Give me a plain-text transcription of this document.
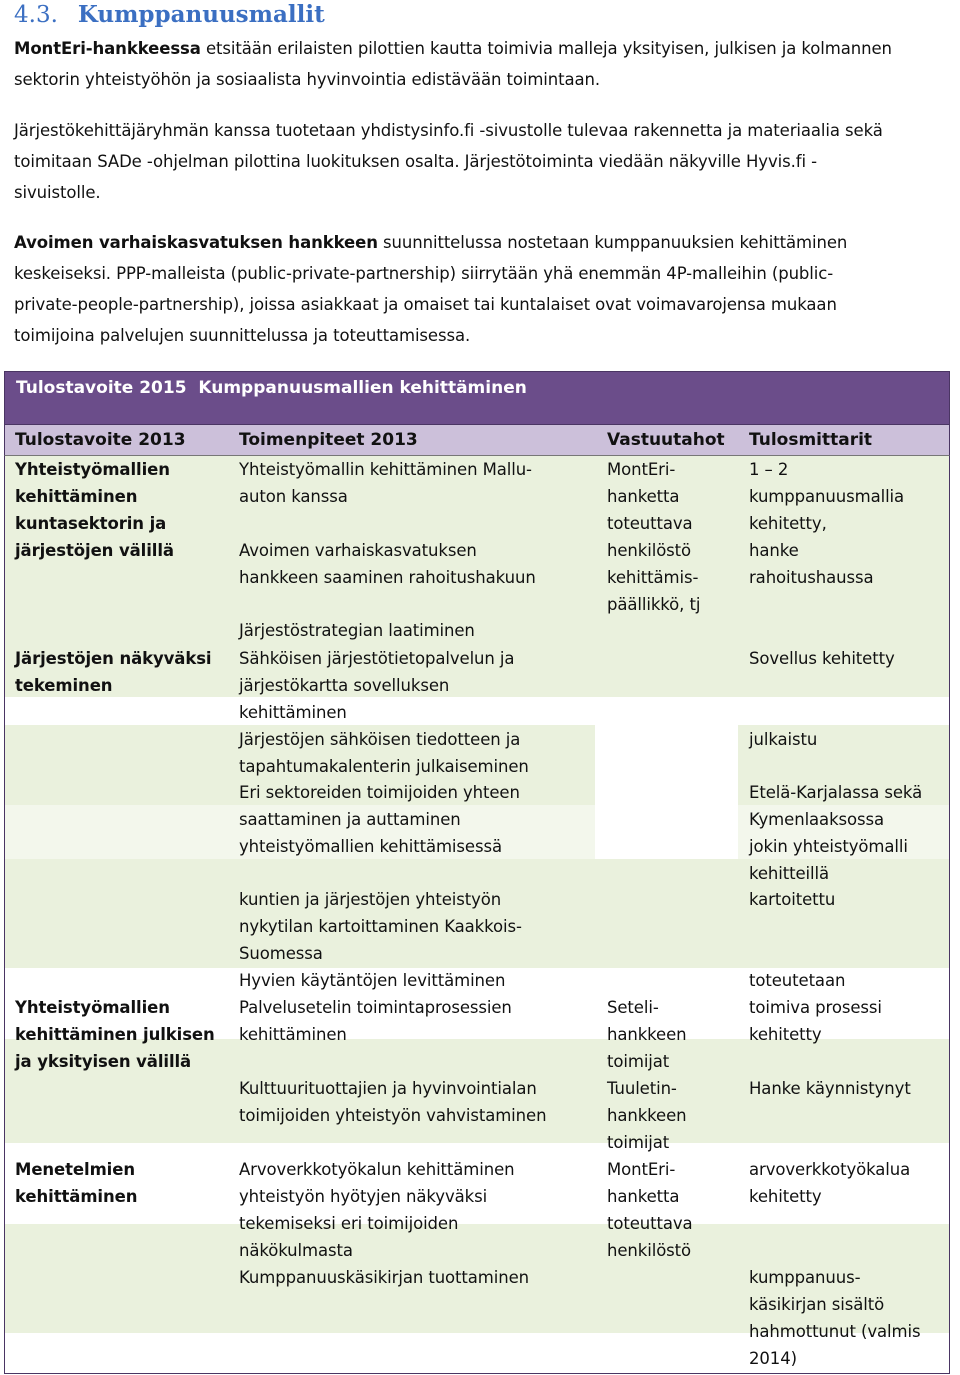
4.3. Kumppanuusmallit

MontEri-hankkeessa etsitään erilaisten pilottien kautta toimivia malleja yksityisen, julkisen ja kolmannen
sektorin yhteistyöhön ja sosiaalista hyvinvointia edistävään toimintaan.

Järjestökehittäjäryhmän kanssa tuotetaan yhdistysinfo.fi -sivustolle tulevaa rakennetta ja materiaalia sekä
toimitaan SADe -ohjelman pilottina luokituksen osalta. Järjestötoiminta viedään näkyville Hyvis.fi -
sivuistolle.

Avoimen varhaiskasvatuksen hankkeen suunnittelussa nostetaan kumppanuuksien kehittäminen
keskeiseksi. PPP-malleista (public-private-partnership) siirrytään yhä enemmän 4P-malleihin (public-
private-people-partnership), joissa asiakkaat ja omaiset tai kuntalaiset ovat voimavarojensa mukaan
toimijoina palvelujen suunnittelussa ja toteuttamisessa.

Tulostavoite 2015  Kumppanuusmallien kehittäminen
Tulostavoite 2013	Toimenpiteet 2013	Vastuutahot Tulosmittarit
Yhteistyömallien
kehittäminen
kuntasektorin ja
järjestöjen välillä
Järjestöjen näkyväksi
tekeminen
Yhteistyömallien
kehittäminen julkisen
ja yksityisen välillä
Menetelmien
kehittäminen
Yhteistyömallin kehittäminen Mallu-
auton kanssa
Avoimen varhaiskasvatuksen
hankkeen saaminen rahoitushakuun
Järjestöstrategian laatiminen
Sähköisen järjestötietopalvelun ja
järjestökartta sovelluksen
kehittäminen
Järjestöjen sähköisen tiedotteen ja
tapahtumakalenterin julkaiseminen
Eri sektoreiden toimijoiden yhteen
saattaminen ja auttaminen
yhteistyömallien kehittämisessä
kuntien ja järjestöjen yhteistyön
nykytilan kartoittaminen Kaakkois-
Suomessa
Hyvien käytäntöjen levittäminen
Palvelusetelin toimintaprosessien
kehittäminen
Kulttuurituottajien ja hyvinvointialan
toimijoiden yhteistyön vahvistaminen
Arvoverkkotyökalun kehittäminen
yhteistyön hyötyjen näkyväksi
tekemiseksi eri toimijoiden
näkökulmasta
Kumppanuuskäsikirjan tuottaminen
MontEri-
hanketta
toteuttava
henkilöstö
kehittämis-
päällikkö, tj
Seteli-
hankkeen
toimijat
Tuuletin-
hankkeen
toimijat
MontEri-
hanketta
toteuttava
henkilöstö
1 – 2
kumppanuusmallia
kehitetty,
hanke
rahoitushaussa
Sovellus kehitetty
julkaistu
Etelä-Karjalassa sekä
Kymenlaaksossa
jokin yhteistyömalli
kehitteillä
kartoitettu
toteutetaan
toimiva prosessi
kehitetty
Hanke käynnistynyt
arvoverkkotyökalua
kehitetty
kumppanuus-
käsikirjan sisältö
hahmottunut (valmis
2014)
